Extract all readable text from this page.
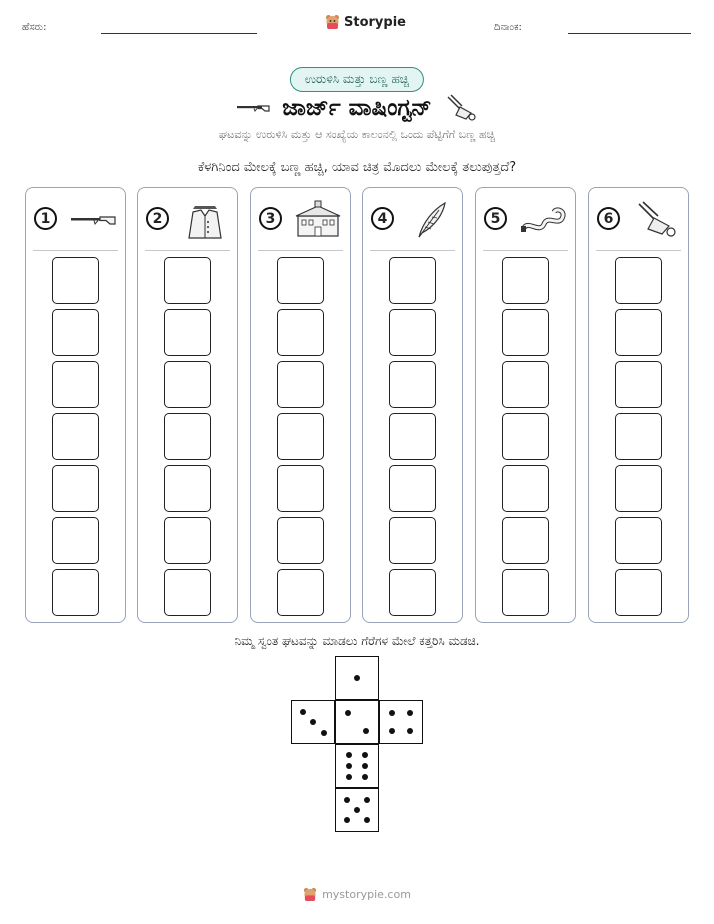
ಹೆಸರು:	Storypie	ದಿನಾಂಕ:
ಉರುಳಿಸಿ ಮತ್ತು ಬಣ್ಣ ಹಚ್ಚಿ
ಜಾರ್ಜ್ ವಾಷಿಂಗ್ಟನ್
ಘಟವನ್ನು ಉರುಳಿಸಿ ಮತ್ತು ಆ ಸಂಖ್ಯೆಯ ಕಾಲಂನಲ್ಲಿ ಒಂದು ಪೆಟ್ಟಿಗೆಗೆ ಬಣ್ಣ ಹಚ್ಚಿ
ಕೆಳಗಿನಿಂದ ಮೇಲಕ್ಕೆ ಬಣ್ಣ ಹಚ್ಚಿ, ಯಾವ ಚಿತ್ರ ಮೊದಲು ಮೇಲಕ್ಕೆ ತಲುಪುತ್ತದೆ?
1	2	3	4	5	6
ನಿಮ್ಮ ಸ್ವಂತ ಘಟವನ್ನು ಮಾಡಲು ಗೆರೆಗಳ ಮೇಲೆ ಕತ್ತರಿಸಿ ಮಡಚಿ.
mystorypie.com
